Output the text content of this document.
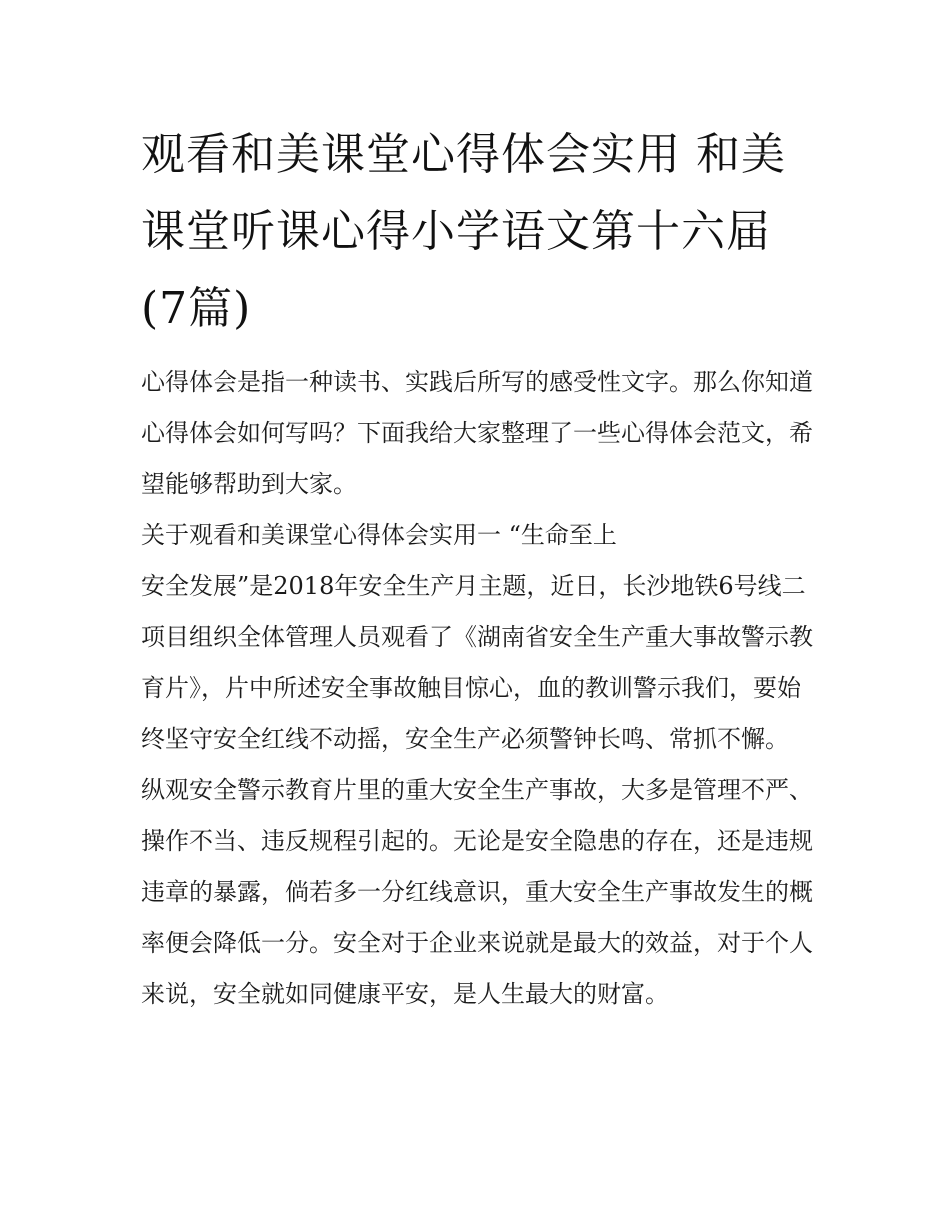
观看和美课堂心得体会实用 和美课堂听课心得小学语文第十六届(7篇)

心得体会是指一种读书、实践后所写的感受性文字。那么你知道心得体会如何写吗？下面我给大家整理了一些心得体会范文，希望能够帮助到大家。

关于观看和美课堂心得体会实用一 “生命至上

安全发展”是2018年安全生产月主题，近日，长沙地铁6号线二项目组织全体管理人员观看了《湖南省安全生产重大事故警示教育片》，片中所述安全事故触目惊心，血的教训警示我们，要始终坚守安全红线不动摇，安全生产必须警钟长鸣、常抓不懈。

纵观安全警示教育片里的重大安全生产事故，大多是管理不严、操作不当、违反规程引起的。无论是安全隐患的存在，还是违规违章的暴露，倘若多一分红线意识，重大安全生产事故发生的概率便会降低一分。安全对于企业来说就是最大的效益，对于个人来说，安全就如同健康平安，是人生最大的财富。
